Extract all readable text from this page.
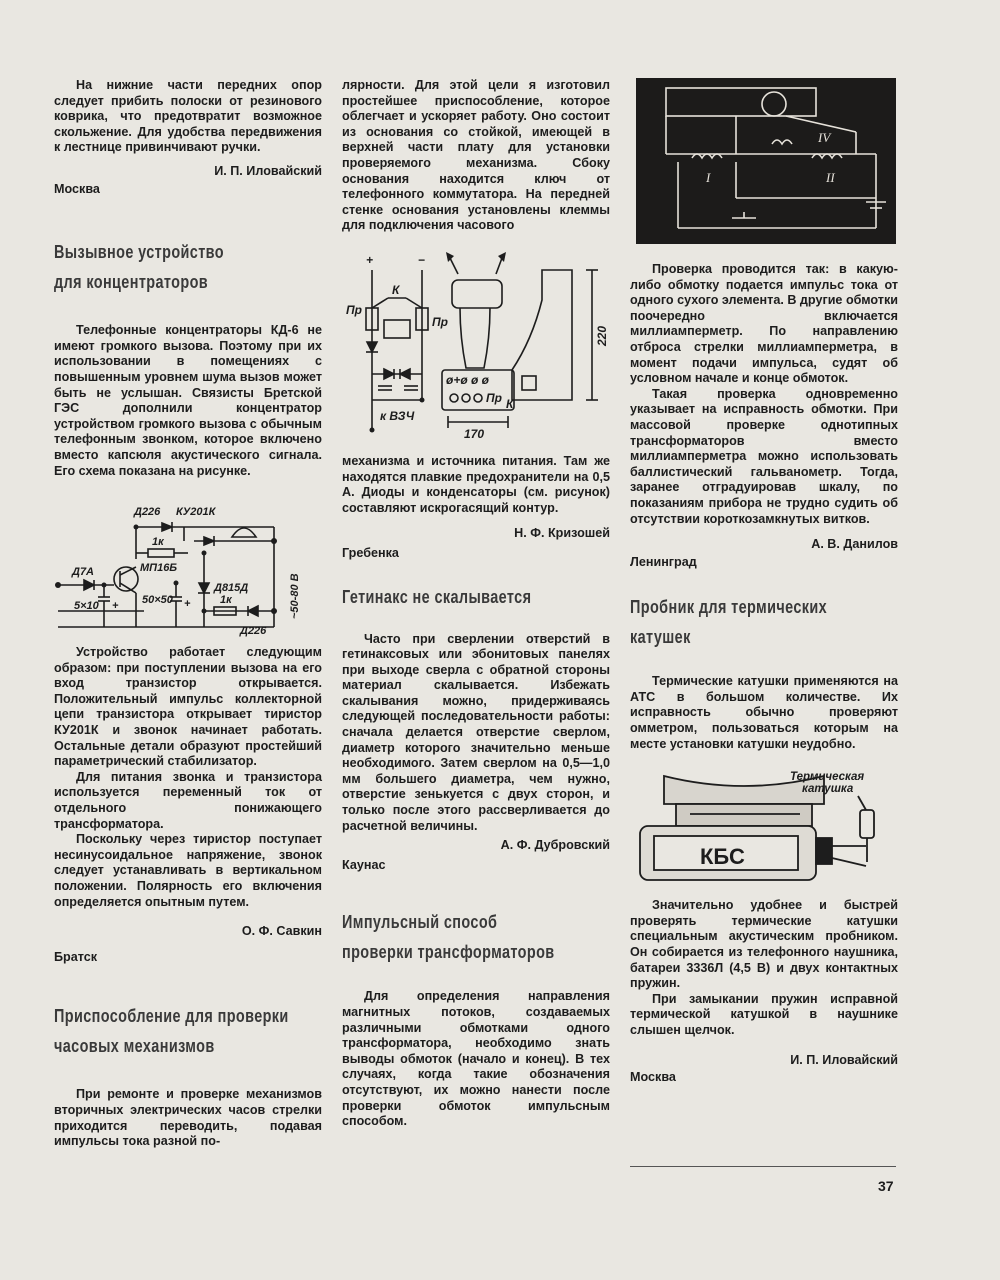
На нижние части передних опор следует прибить полоски от резинового коврика, что предотвратит возможное скольжение. Для удобства передвижения к лестнице привинчивают ручки.

И. П. Иловайский
Москва
Вызывное устройство
для концентраторов

Телефонные концентраторы КД-6 не имеют громкого вызова. Поэтому при их использовании в помещениях с повышенным уровнем шума вызов может быть не услышан. Связисты Бретской ГЭС дополнили концентратор устройством громкого вызова с обычным телефонным звонком, которое включено вместо капсюля акустического сигнала. Его схема показана на рисунке.

Д226 КУ201К
1к
МП16Б
Д815Д
Д7А
50×50 +
5×10 +	1к
Д226
~50-80 В

Устройство работает следующим образом: при поступлении вызова на его вход транзистор открывается. Положительный импульс коллекторной цепи транзистора открывает тиристор КУ201К и звонок начинает работать. Остальные детали образуют простейший параметрический стабилизатор.

Для питания звонка и транзистора используется переменный ток от отдельного понижающего трансформатора.

Поскольку через тиристор поступает несинусоидальное напряжение, звонок следует устанавливать в вертикальном положении. Полярность его включения определяется опытным путем.

О. Ф. Савкин
Братск
Приспособление для проверки
часовых механизмов

При ремонте и проверке механизмов вторичных электрических часов стрелки приходится переводить, подавая импульсы тока разной по-

лярности. Для этой цели я изготовил простейшее приспособление, которое облегчает и ускоряет работу. Оно состоит из основания со стойкой, имеющей в верхней части плату для установки проверяемого механизма. Сбоку основания находится ключ от телефонного коммутатора. На передней стенке основания установлены клеммы для подключения часового

+	−
Пр
К
Пр
к ВЗЧ
ø+ø ø ø
Пр К
170
220

механизма и источника питания. Там же находятся плавкие предохранители на 0,5 А. Диоды и конденсаторы (см. рисунок) составляют искрогасящий контур.

Н. Ф. Кризошей
Гребенка
Гетинакс не скалывается

Часто при сверлении отверстий в гетинаксовых или эбонитовых панелях при выходе сверла с обратной стороны материал скалывается. Избежать скалывания можно, придерживаясь следующей последовательности работы: сначала делается отверстие сверлом, диаметр которого значительно меньше необходимого. Затем сверлом на 0,5—1,0 мм большего диаметра, чем нужно, отверстие зенькуется с двух сторон, и только после этого рассверливается до расчетной величины.

А. Ф. Дубровский
Каунас
Импульсный способ
проверки трансформаторов

Для определения направления магнитных потоков, создаваемых различными обмотками одного трансформатора, необходимо знать выводы обмоток (начало и конец). В тех случаях, когда такие обозначения отсутствуют, их можно нанести после проверки обмоток импульсным способом.

I	II
IV

Проверка проводится так: в какую-либо обмотку подается импульс тока от одного сухого элемента. В другие обмотки поочередно включается миллиамперметр. По направлению отброса стрелки миллиамперметра, в момент подачи импульса, судят об условном начале и конце обмоток.

Такая проверка одновременно указывает на исправность обмотки. При массовой проверке однотипных трансформаторов вместо миллиамперметра можно использовать баллистический гальванометр. Тогда, заранее отградуировав шкалу, по показаниям прибора не трудно судить об отсутствии короткозамкнутых витков.

А. В. Данилов
Ленинград
Пробник для термических
катушек

Термические катушки применяются на АТС в большом количестве. Их исправность обычно проверяют омметром, пользоваться которым на месте установки катушки неудобно.

Термическая
катушка
КБС

Значительно удобнее и быстрей проверять термические катушки специальным акустическим пробником. Он собирается из телефонного наушника, батареи 3336Л (4,5 В) и двух контактных пружин.

При замыкании пружин исправной термической катушкой в наушнике слышен щелчок.

И. П. Иловайский
Москва
37
